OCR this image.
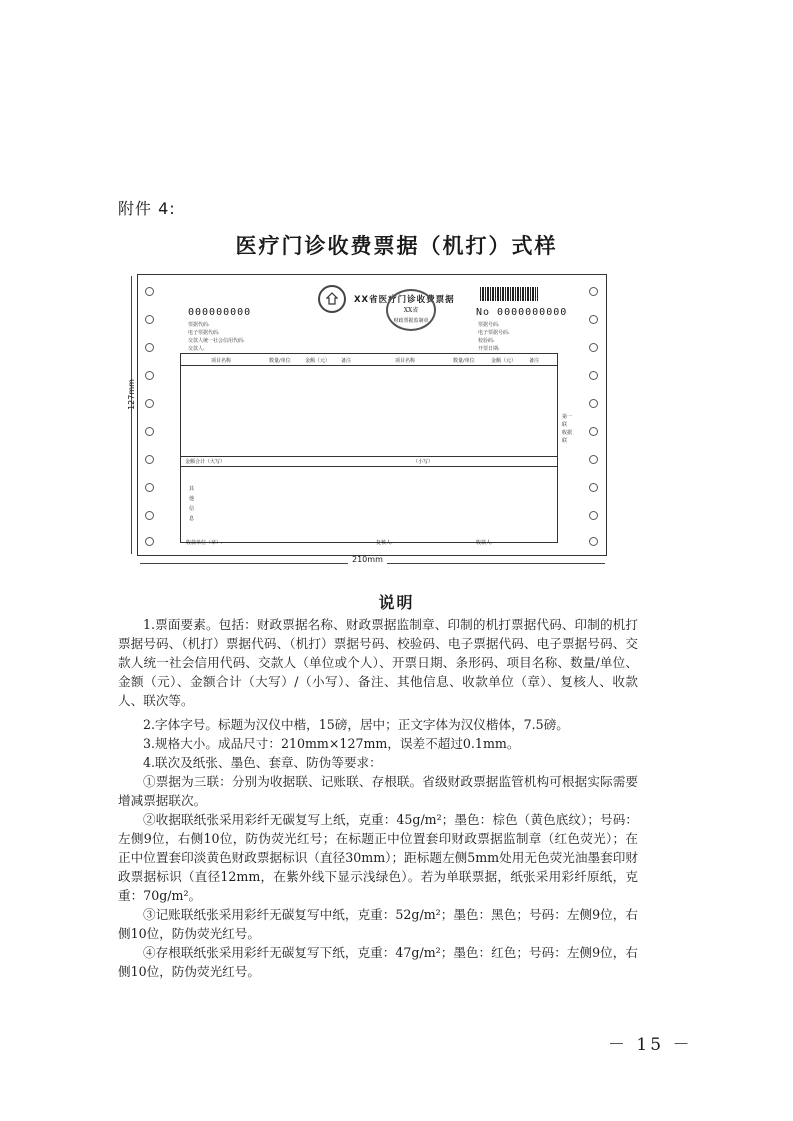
附件 4:
医疗门诊收费票据（机打）式样
127mm
210mm
XX省医疗门诊收费票据
XX省
财政票据监制章
000000000	No 0000000000
票据代码:
电子票据代码:
交款人统一社会信用代码:
交款人:
票据号码:
电子票据号码:
校验码:
开票日期:
项目名称	数量/单位	金额（元） 备注	项目名称	数量/单位	金额（元）	备注
金额合计（大写）	（小写）
其他信息
收款单位（章）:	复核人:	收款人:
第一联 收据联
说明

1.票面要素。包括：财政票据名称、财政票据监制章、印制的机打票据代码、印制的机打票据号码、（机打）票据代码、（机打）票据号码、校验码、电子票据代码、电子票据号码、交款人统一社会信用代码、交款人（单位或个人）、开票日期、条形码、项目名称、数量/单位、金额（元）、金额合计（大写）/（小写）、备注、其他信息、收款单位（章）、复核人、收款人、联次等。

2.字体字号。标题为汉仪中楷，15磅，居中；正文字体为汉仪楷体，7.5磅。

3.规格大小。成品尺寸：210mm×127mm，误差不超过0.1mm。

4.联次及纸张、墨色、套章、防伪等要求：

①票据为三联：分别为收据联、记账联、存根联。省级财政票据监管机构可根据实际需要增减票据联次。

②收据联纸张采用彩纤无碳复写上纸，克重：45g/m²；墨色：棕色（黄色底纹）；号码：左侧9位，右侧10位，防伪荧光红号；在标题正中位置套印财政票据监制章（红色荧光）；在正中位置套印淡黄色财政票据标识（直径30mm）；距标题左侧5mm处用无色荧光油墨套印财政票据标识（直径12mm，在紫外线下显示浅绿色）。若为单联票据，纸张采用彩纤原纸，克重：70g/m²。

③记账联纸张采用彩纤无碳复写中纸，克重：52g/m²；墨色：黑色；号码：左侧9位，右侧10位，防伪荧光红号。

④存根联纸张采用彩纤无碳复写下纸，克重：47g/m²；墨色：红色；号码：左侧9位，右侧10位，防伪荧光红号。

－ 15 －
